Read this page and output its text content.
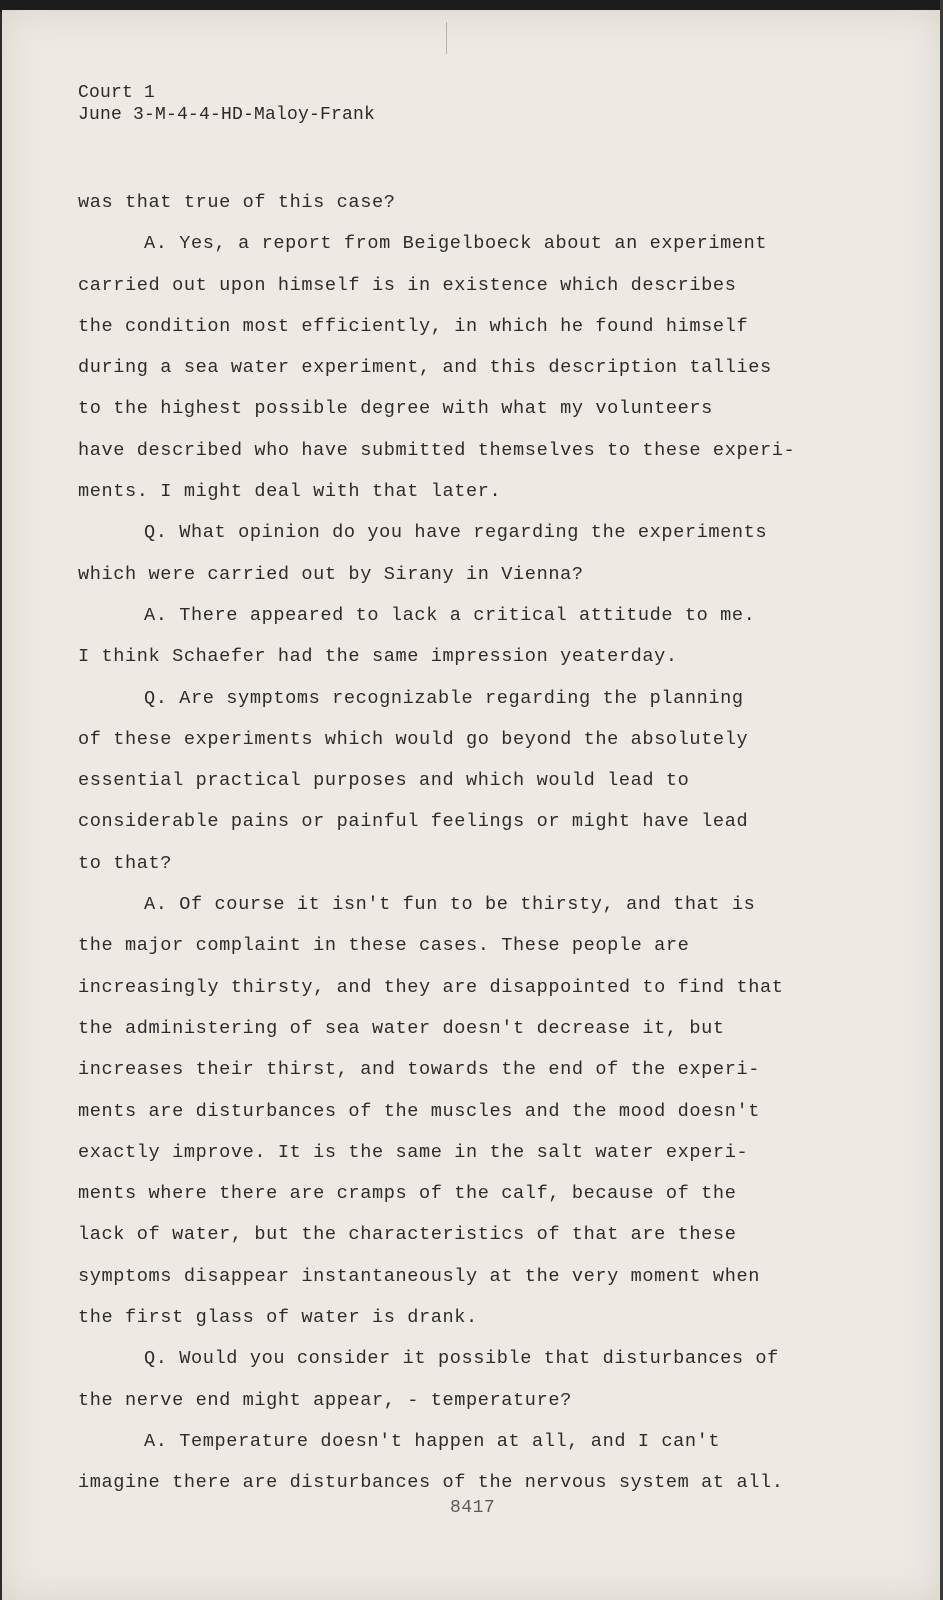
Court 1
June 3-M-4-4-HD-Maloy-Frank
was that true of this case?
A. Yes, a report from Beigelboeck about an experiment
carried out upon himself is in existence which describes
the condition most efficiently, in which he found himself
during a sea water experiment, and this description tallies
to the highest possible degree with what my volunteers
have described who have submitted themselves to these experi-
ments. I might deal with that later.
Q. What opinion do you have regarding the experiments
which were carried out by Sirany in Vienna?
A. There appeared to lack a critical attitude to me.
I think Schaefer had the same impression yeaterday.
Q. Are symptoms recognizable regarding the planning
of these experiments which would go beyond the absolutely
essential practical purposes and which would lead to
considerable pains or painful feelings or might have lead
to that?
A. Of course it isn't fun to be thirsty, and that is
the major complaint in these cases. These people are
increasingly thirsty, and they are disappointed to find that
the administering of sea water doesn't decrease it, but
increases their thirst, and towards the end of the experi-
ments are disturbances of the muscles and the mood doesn't
exactly improve. It is the same in the salt water experi-
ments where there are cramps of the calf, because of the
lack of water, but the characteristics of that are these
symptoms disappear instantaneously at the very moment when
the first glass of water is drank.
Q. Would you consider it possible that disturbances of
the nerve end might appear, - temperature?
A. Temperature doesn't happen at all, and I can't
imagine there are disturbances of the nervous system at all.
8417
